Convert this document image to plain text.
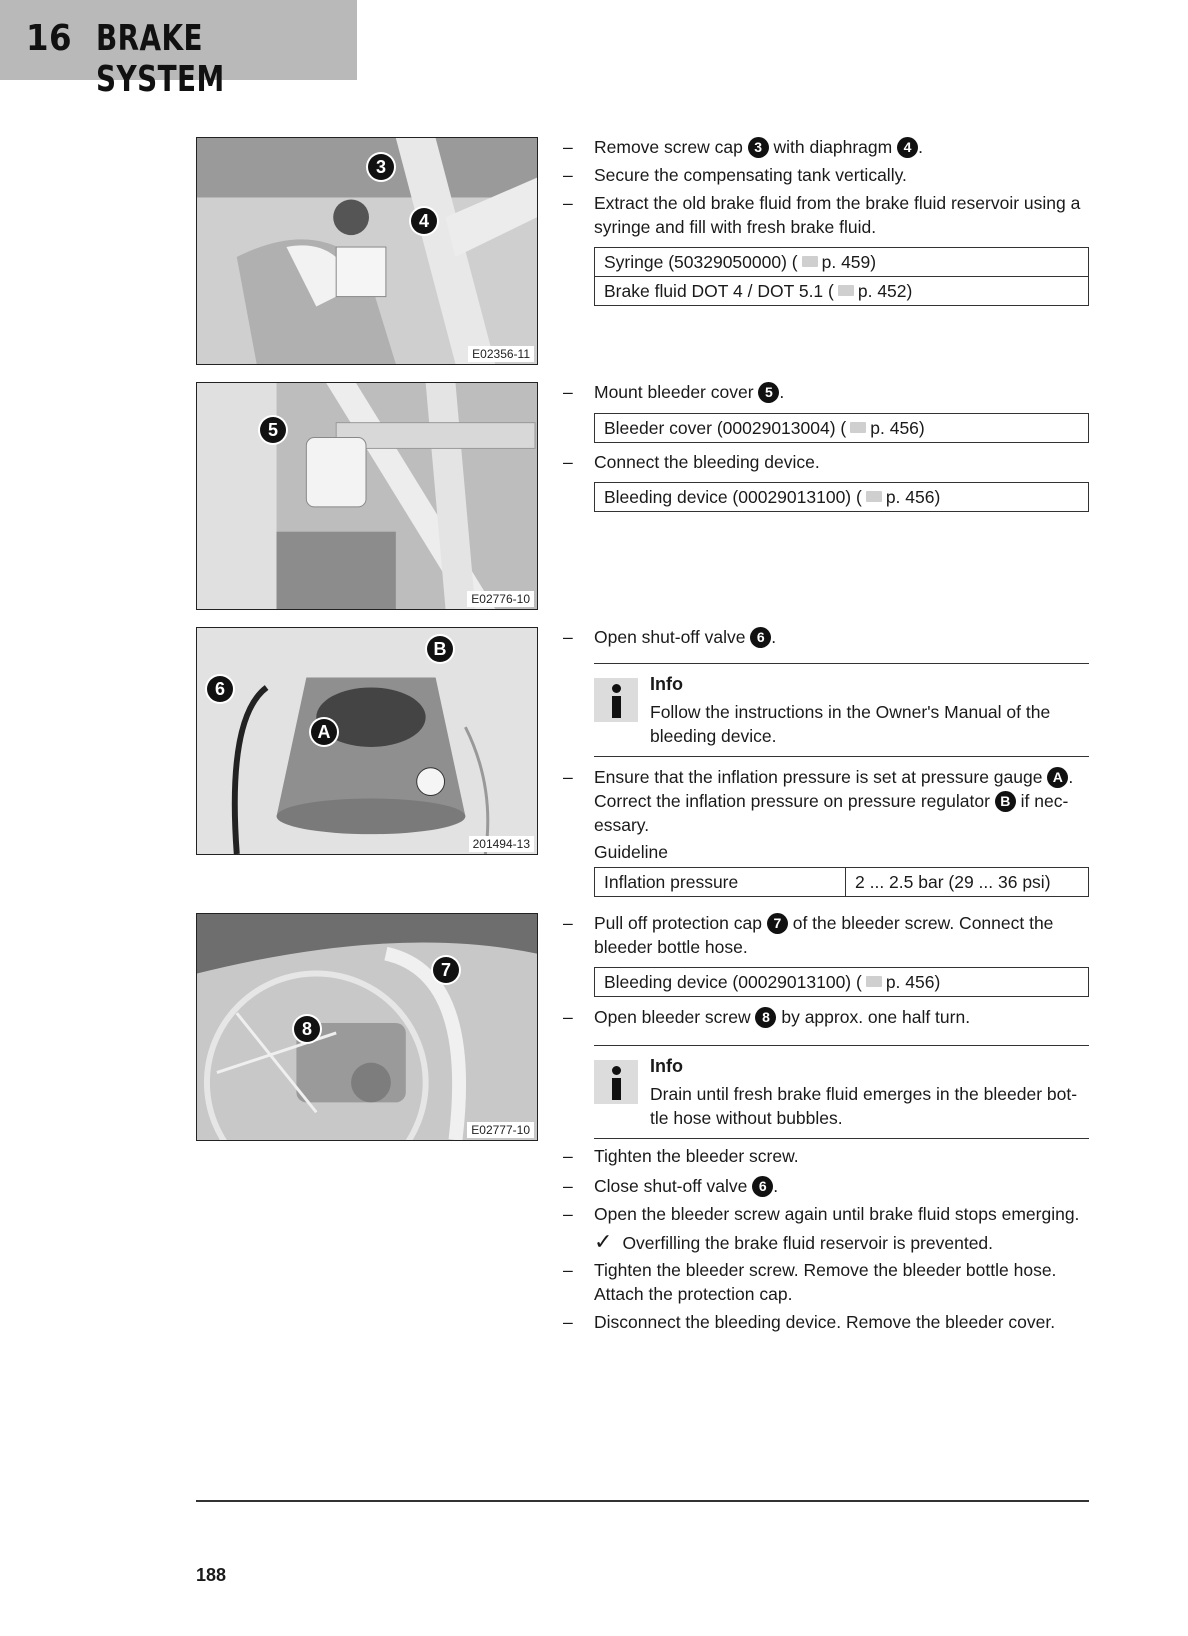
16 BRAKE SYSTEM
3
4
E02356-11
5
E02776-10
B
6
A
201494-13
7
8
E02777-10
– Remove screw cap 3 with diaphragm 4 .
– Secure the compensating tank vertically.
– Extract the old brake fluid from the brake fluid reservoir using a syringe and fill with fresh brake fluid.
Syringe (50329050000) ( p. 459)
Brake fluid DOT 4 / DOT 5.1 ( p. 452)
– Mount bleeder cover 5 .
Bleeder cover (00029013004) ( p. 456)
– Connect the bleeding device.
Bleeding device (00029013100) ( p. 456)
– Open shut-off valve 6 .
Info
Follow the instructions in the Owner's Manual of the bleeding device.
– Ensure that the inflation pressure is set at pressure gauge A . Correct the inflation pressure on pressure regulator B if nec-essary.
Guideline
Inflation pressure	2 ... 2.5 bar (29 ... 36 psi)
– Pull off protection cap 7 of the bleeder screw. Connect the bleeder bottle hose.
Bleeding device (00029013100) ( p. 456)
– Open bleeder screw 8 by approx. one half turn.
Info
Drain until fresh brake fluid emerges in the bleeder bot-tle hose without bubbles.
– Tighten the bleeder screw.
– Close shut-off valve 6 .
– Open the bleeder screw again until brake fluid stops emerging.
✓ Overfilling the brake fluid reservoir is prevented.
– Tighten the bleeder screw. Remove the bleeder bottle hose. Attach the protection cap.
– Disconnect the bleeding device. Remove the bleeder cover.
188
